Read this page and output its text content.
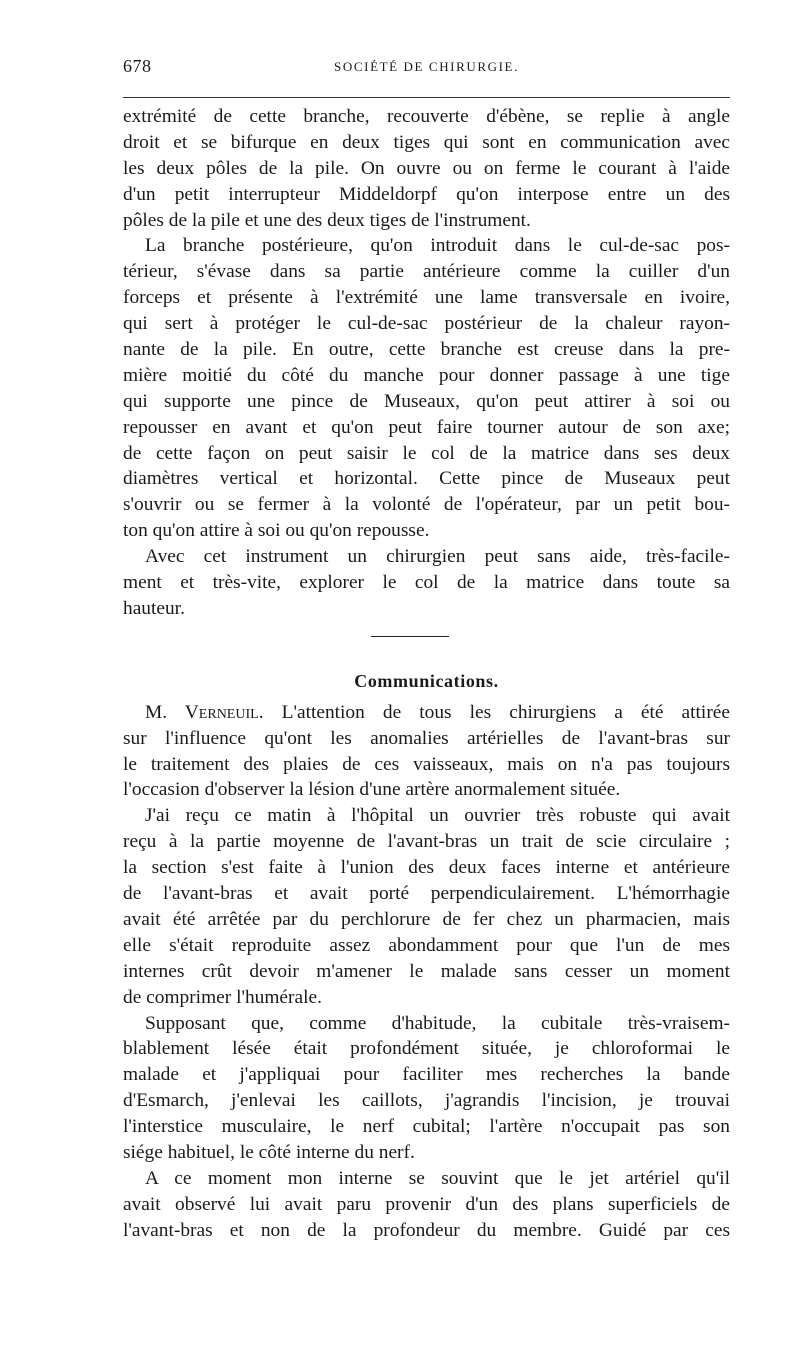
678	SOCIÉTÉ DE CHIRURGIE.
extrémité de cette branche, recouverte d'ébène, se replie à angle
droit et se bifurque en deux tiges qui sont en communication avec
les deux pôles de la pile. On ouvre ou on ferme le courant à l'aide
d'un petit interrupteur Middeldorpf qu'on interpose entre un des
pôles de la pile et une des deux tiges de l'instrument.
La branche postérieure, qu'on introduit dans le cul-de-sac pos-
térieur, s'évase dans sa partie antérieure comme la cuiller d'un
forceps et présente à l'extrémité une lame transversale en ivoire,
qui sert à protéger le cul-de-sac postérieur de la chaleur rayon-
nante de la pile. En outre, cette branche est creuse dans la pre-
mière moitié du côté du manche pour donner passage à une tige
qui supporte une pince de Museaux, qu'on peut attirer à soi ou
repousser en avant et qu'on peut faire tourner autour de son axe;
de cette façon on peut saisir le col de la matrice dans ses deux
diamètres vertical et horizontal. Cette pince de Museaux peut
s'ouvrir ou se fermer à la volonté de l'opérateur, par un petit bou-
ton qu'on attire à soi ou qu'on repousse.
Avec cet instrument un chirurgien peut sans aide, très-facile-
ment et très-vite, explorer le col de la matrice dans toute sa
hauteur.
Communications.
M. Verneuil. L'attention de tous les chirurgiens a été attirée
sur l'influence qu'ont les anomalies artérielles de l'avant-bras sur
le traitement des plaies de ces vaisseaux, mais on n'a pas toujours
l'occasion d'observer la lésion d'une artère anormalement située.
J'ai reçu ce matin à l'hôpital un ouvrier très robuste qui avait
reçu à la partie moyenne de l'avant-bras un trait de scie circulaire ;
la section s'est faite à l'union des deux faces interne et antérieure
de l'avant-bras et avait porté perpendiculairement. L'hémorrhagie
avait été arrêtée par du perchlorure de fer chez un pharmacien, mais
elle s'était reproduite assez abondamment pour que l'un de mes
internes crût devoir m'amener le malade sans cesser un moment
de comprimer l'humérale.
Supposant que, comme d'habitude, la cubitale très-vraisem-
blablement lésée était profondément située, je chloroformai le
malade et j'appliquai pour faciliter mes recherches la bande
d'Esmarch, j'enlevai les caillots, j'agrandis l'incision, je trouvai
l'interstice musculaire, le nerf cubital; l'artère n'occupait pas son
siége habituel, le côté interne du nerf.
A ce moment mon interne se souvint que le jet artériel qu'il
avait observé lui avait paru provenir d'un des plans superficiels de
l'avant-bras et non de la profondeur du membre. Guidé par ces
